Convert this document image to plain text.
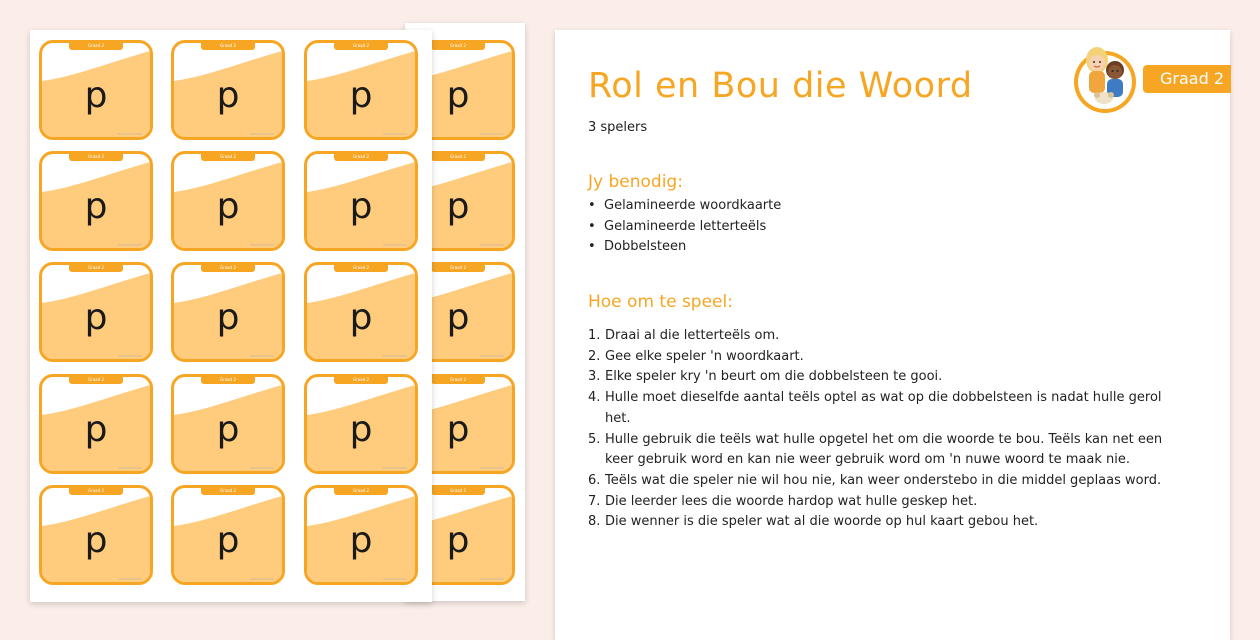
Graad 2
p
Graad 2
p
Graad 2
p
Graad 2
p
Graad 2
p
Graad 2
p
Graad 2
p
Graad 2
p
Graad 2
p
Graad 2
p
Graad 2
p
Graad 2
p
Graad 2
p
Graad 2
p
Graad 2
p
Graad 2
p
Graad 2
p
Graad 2
p
Graad 2
p
Graad 2
p
Rol en Bou die Woord	Graad 2
3 spelers
Jy benodig:
• Gelamineerde woordkaarte
• Gelamineerde letterteëls
• Dobbelsteen
Hoe om te speel:
1. Draai al die letterteëls om.
2. Gee elke speler 'n woordkaart.
3. Elke speler kry 'n beurt om die dobbelsteen te gooi.
4. Hulle moet dieselfde aantal teëls optel as wat op die dobbelsteen is nadat hulle gerol het.
5. Hulle gebruik die teëls wat hulle opgetel het om die woorde te bou. Teëls kan net een keer gebruik word en kan nie weer gebruik word om 'n nuwe woord te maak nie.
6. Teëls wat die speler nie wil hou nie, kan weer onderstebo in die middel geplaas word.
7. Die leerder lees die woorde hardop wat hulle geskep het.
8. Die wenner is die speler wat al die woorde op hul kaart gebou het.
